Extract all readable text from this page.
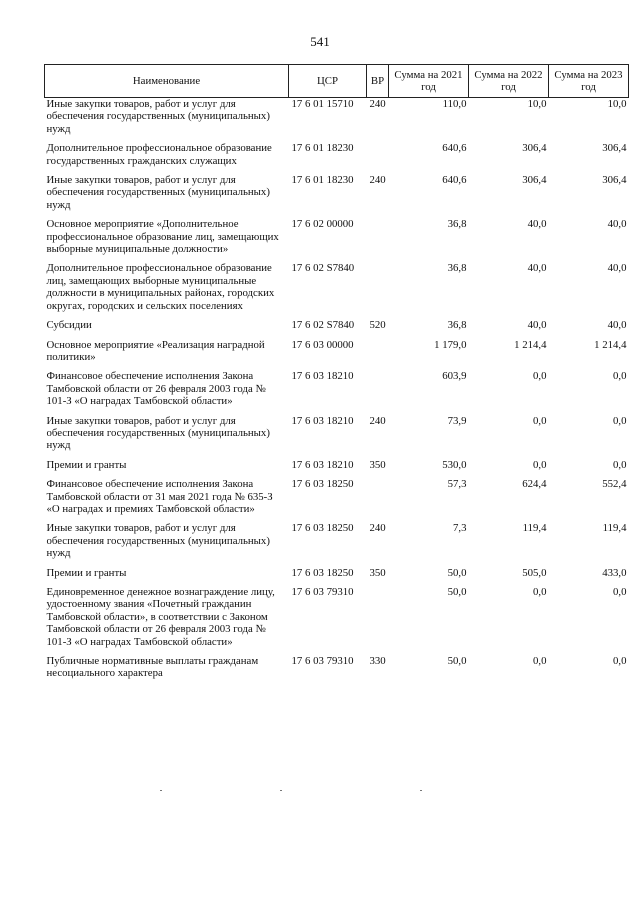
541
Наименование	ЦСР	ВР	Сумма на 2021 год	Сумма на 2022 год	Сумма на 2023 год
Иные закупки товаров, работ и услуг для обеспечения государственных (муниципальных) нужд	17 6 01 15710	240	110,0	10,0	10,0
Дополнительное профессиональное образование государственных гражданских служащих	17 6 01 18230		640,6	306,4	306,4
Иные закупки товаров, работ и услуг для обеспечения государственных (муниципальных) нужд	17 6 01 18230	240	640,6	306,4	306,4
Основное мероприятие «Дополнительное профессиональное образование лиц, замещающих выборные муниципальные должности»	17 6 02 00000		36,8	40,0	40,0
Дополнительное профессиональное образование лиц, замещающих выборные муниципальные должности в муниципальных районах, городских округах, городских и сельских поселениях	17 6 02 S7840		36,8	40,0	40,0
Субсидии	17 6 02 S7840	520	36,8	40,0	40,0
Основное мероприятие «Реализация наградной политики»	17 6 03 00000		1 179,0	1 214,4	1 214,4
Финансовое обеспечение исполнения Закона Тамбовской области от 26 февраля 2003 года № 101-З «О наградах Тамбовской области»	17 6 03 18210		603,9	0,0	0,0
Иные закупки товаров, работ и услуг для обеспечения государственных (муниципальных) нужд	17 6 03 18210	240	73,9	0,0	0,0
Премии и гранты	17 6 03 18210	350	530,0	0,0	0,0
Финансовое обеспечение исполнения Закона Тамбовской области от 31 мая 2021 года № 635-З «О наградах и премиях Тамбовской области»	17 6 03 18250		57,3	624,4	552,4
Иные закупки товаров, работ и услуг для обеспечения государственных (муниципальных) нужд	17 6 03 18250	240	7,3	119,4	119,4
Премии и гранты	17 6 03 18250	350	50,0	505,0	433,0
Единовременное денежное вознаграждение лицу, удостоенному звания «Почетный гражданин Тамбовской области», в соответствии с Законом Тамбовской области от 26 февраля 2003 года № 101-З «О наградах Тамбовской области»	17 6 03 79310		50,0	0,0	0,0
Публичные нормативные выплаты гражданам несоциального характера	17 6 03 79310	330	50,0	0,0	0,0
